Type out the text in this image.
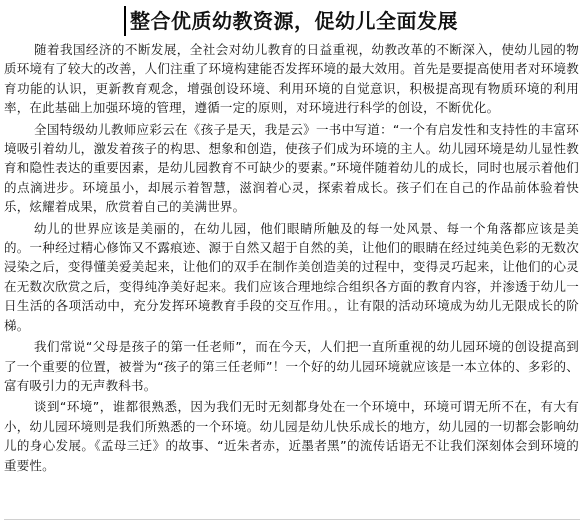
整合优质幼教资源，促幼儿全面发展

随着我国经济的不断发展，全社会对幼儿教育的日益重视，幼教改革的不断深入，使幼儿园的物质环境有了较大的改善，人们注重了环境构建能否发挥环境的最大效用。首先是要提高使用者对环境教育功能的认识，更新教育观念，增强创设环境、利用环境的自觉意识，积极提高现有物质环境的利用率，在此基础上加强环境的管理，遵循一定的原则，对环境进行科学的创设，不断优化。

全国特级幼儿教师应彩云在《孩子是天，我是云》一书中写道：“一个有启发性和支持性的丰富环境吸引着幼儿，激发着孩子的构思、想象和创造，使孩子们成为环境的主人。幼儿园环境是幼儿显性教育和隐性表达的重要因素，是幼儿园教育不可缺少的要素。”环境伴随着幼儿的成长，同时也展示着他们的点滴进步。环境虽小，却展示着智慧，滋润着心灵，探索着成长。孩子们在自己的作品前体验着快乐，炫耀着成果，欣赏着自己的美满世界。

幼儿的世界应该是美丽的，在幼儿园，他们眼睛所触及的每一处风景、每一个角落都应该是美的。一种经过精心修饰又不露痕迹、源于自然又超于自然的美，让他们的眼睛在经过纯美色彩的无数次浸染之后，变得懂美爱美起来，让他们的双手在制作美创造美的过程中，变得灵巧起来，让他们的心灵在无数次欣赏之后，变得纯净美好起来。我们应该合理地综合组织各方面的教育内容，并渗透于幼儿一日生活的各项活动中，充分发挥环境教育手段的交互作用。，让有限的活动环境成为幼儿无限成长的阶梯。

我们常说“父母是孩子的第一任老师”，而在今天，人们把一直所重视的幼儿园环境的创设提高到了一个重要的位置，被誉为“孩子的第三任老师”！一个好的幼儿园环境就应该是一本立体的、多彩的、富有吸引力的无声教科书。

谈到“环境”，谁都很熟悉，因为我们无时无刻都身处在一个环境中，环境可谓无所不在，有大有小，幼儿园环境则是我们所熟悉的一个环境。幼儿园是幼儿快乐成长的地方，幼儿园的一切都会影响幼儿的身心发展。《孟母三迁》的故事、“近朱者赤，近墨者黑”的流传话语无不让我们深刻体会到环境的重要性。
